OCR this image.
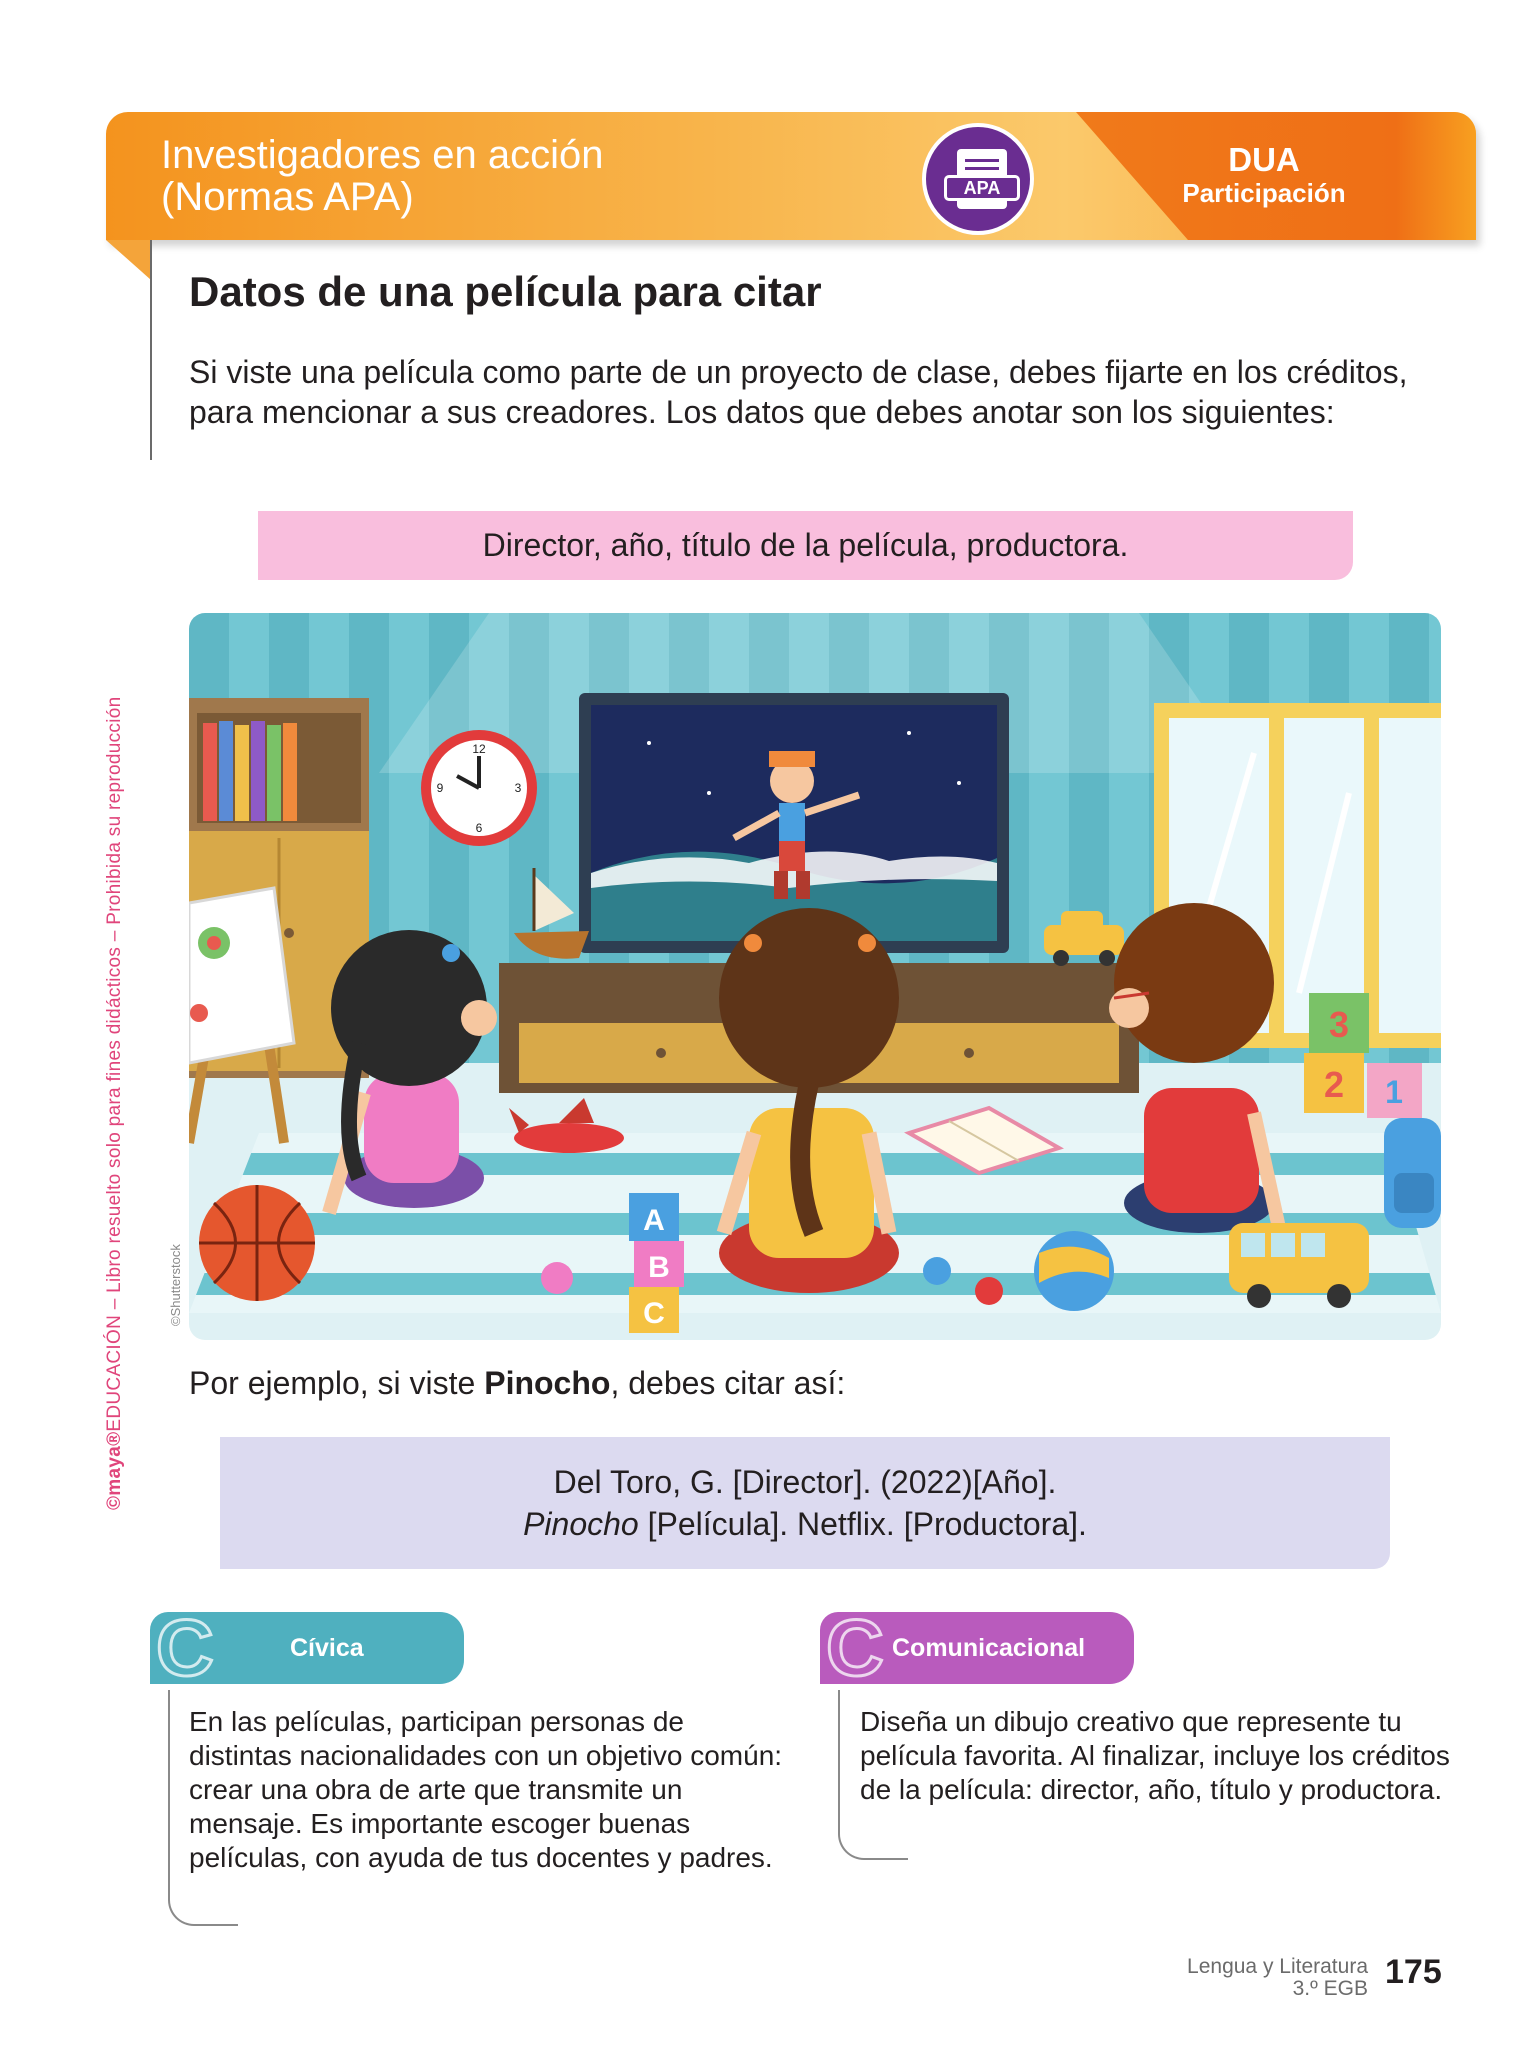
Investigadores en acción
(Normas APA)
DUA
Participación
APA
©maya®EDUCACIÓN – Libro resuelto solo para fines didácticos – Prohibida su reproducción
Datos de una película para citar

Si viste una película como parte de un proyecto de clase, debes fijarte en los créditos, para mencionar a sus creadores. Los datos que debes anotar son los siguientes:

Director, año, título de la película, productora.
12
3
6
9
3
2 1
A
B
C
©Shutterstock

Por ejemplo, si viste Pinocho, debes citar así:

Del Toro, G. [Director]. (2022)[Año].
Pinocho [Película]. Netflix. [Productora].
C	Cívica

En las películas, participan personas de distintas nacionalidades con un objetivo común: crear una obra de arte que transmite un mensaje. Es importante escoger buenas películas, con ayuda de tus docentes y padres.

C Comunicacional

Diseña un dibujo creativo que represente tu película favorita. Al finalizar, incluye los créditos de la película: director, año, título y productora.

Lengua y Literatura
3.º EGB 175
